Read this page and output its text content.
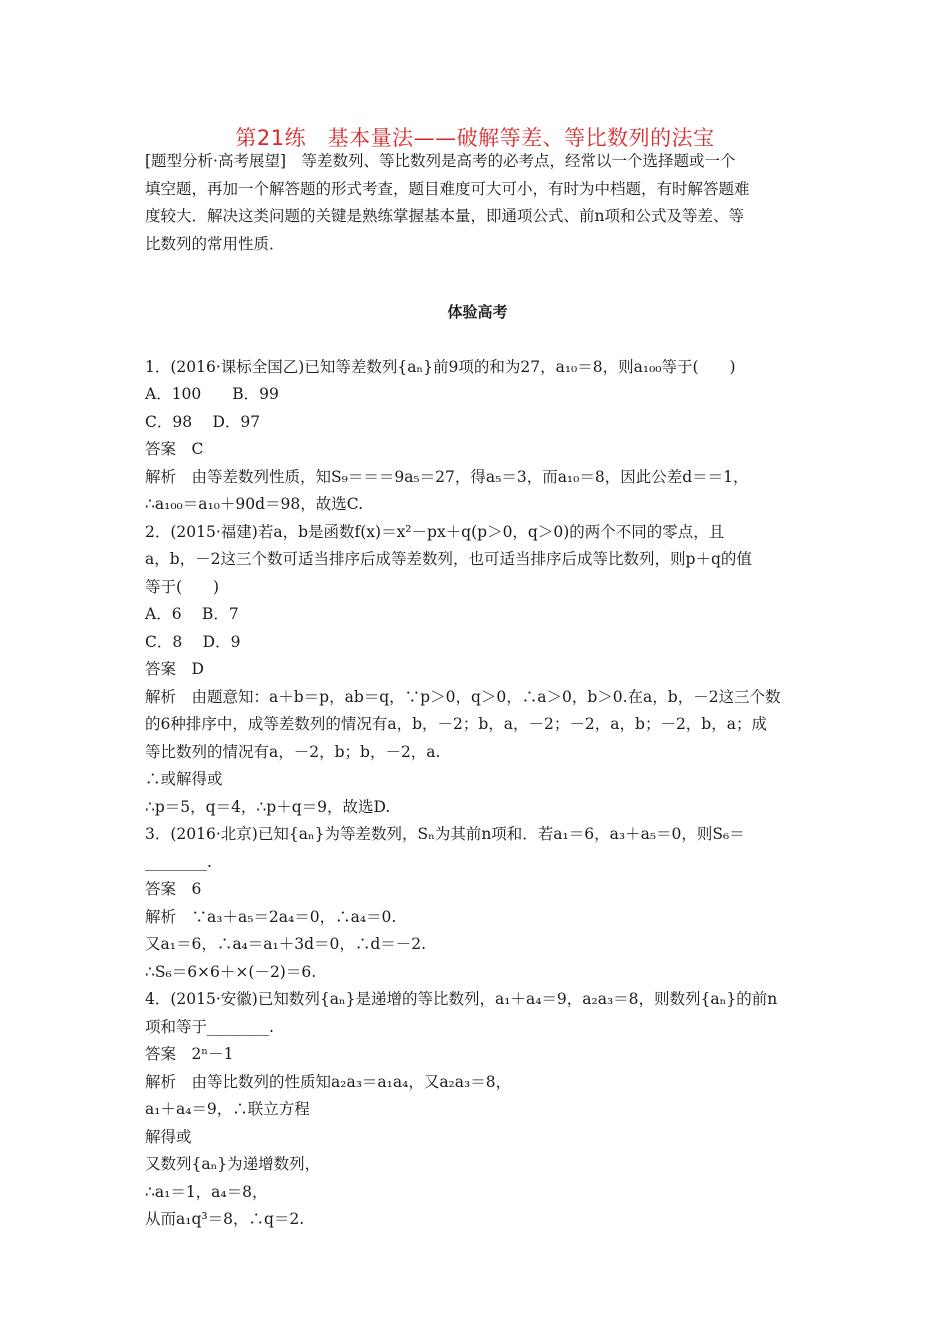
第21练　基本量法——破解等差、等比数列的法宝

[题型分析·高考展望]　等差数列、等比数列是高考的必考点，经常以一个选择题或一个

填空题，再加一个解答题的形式考查，题目难度可大可小，有时为中档题，有时解答题难

度较大．解决这类问题的关键是熟练掌握基本量，即通项公式、前n项和公式及等差、等

比数列的常用性质．

体验高考

1．(2016·课标全国乙)已知等差数列{aₙ}前9项的和为27，a₁₀＝8，则a₁₀₀等于(　　)

A．100　　B．99

C．98　 D．97

答案　C

解析　由等差数列性质，知S₉＝＝＝9a₅＝27，得a₅＝3，而a₁₀＝8，因此公差d＝＝1，

∴a₁₀₀＝a₁₀＋90d＝98，故选C.

2．(2015·福建)若a，b是函数f(x)＝x²－px＋q(p＞0，q＞0)的两个不同的零点，且

a，b，－2这三个数可适当排序后成等差数列，也可适当排序后成等比数列，则p＋q的值

等于(　　)

A．6　 B．7

C．8　 D．9

答案　D

解析　由题意知：a＋b＝p，ab＝q，∵p＞0，q＞0，∴a＞0，b＞0.在a，b，－2这三个数

的6种排序中，成等差数列的情况有a，b，－2；b，a，－2；－2，a，b；－2，b，a；成

等比数列的情况有a，－2，b；b，－2，a.

∴或解得或

∴p＝5，q＝4，∴p＋q＝9，故选D.

3．(2016·北京)已知{aₙ}为等差数列，Sₙ为其前n项和．若a₁＝6，a₃＋a₅＝0，则S₆＝

________.

答案　6

解析　∵a₃＋a₅＝2a₄＝0，∴a₄＝0.

又a₁＝6，∴a₄＝a₁＋3d＝0，∴d＝－2.

∴S₆＝6×6＋×(－2)＝6.

4．(2015·安徽)已知数列{aₙ}是递增的等比数列，a₁＋a₄＝9，a₂a₃＝8，则数列{aₙ}的前n

项和等于________.

答案　2ⁿ－1

解析　由等比数列的性质知a₂a₃＝a₁a₄，又a₂a₃＝8，

a₁＋a₄＝9，∴联立方程

解得或

又数列{aₙ}为递增数列，

∴a₁＝1，a₄＝8，

从而a₁q³＝8，∴q＝2.
